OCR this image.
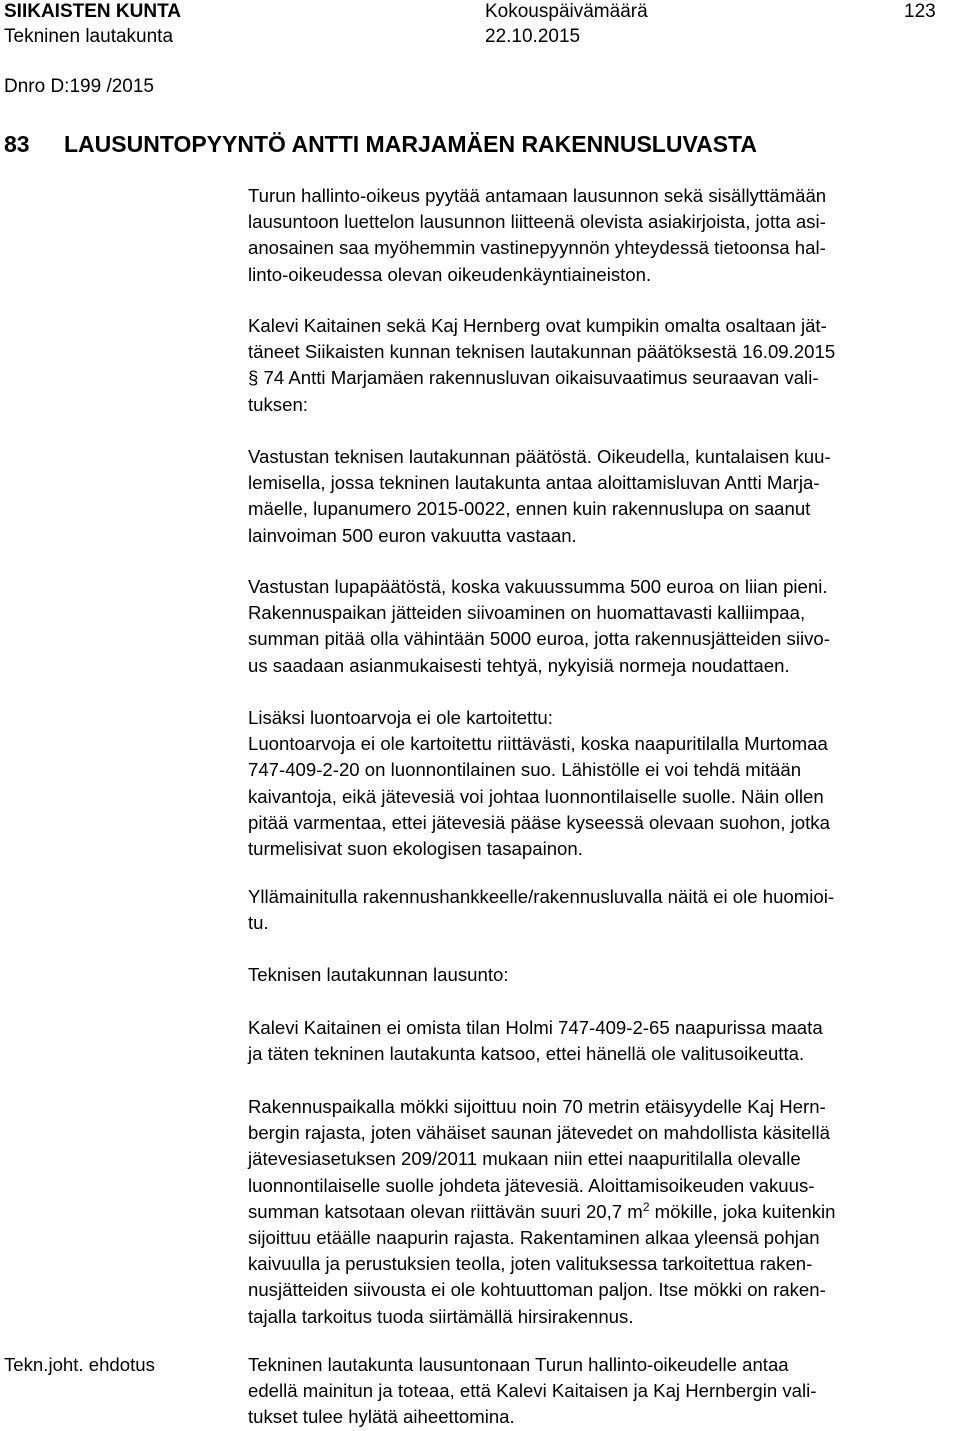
SIIKAISTEN KUNTA	Kokouspäivämäärä	123
Tekninen lautakunta	22.10.2015
Dnro D:199 /2015
83 LAUSUNTOPYYNTÖ ANTTI MARJAMÄEN RAKENNUSLUVASTA
Turun hallinto-oikeus pyytää antamaan lausunnon sekä sisällyttämään
lausuntoon luettelon lausunnon liitteenä olevista asiakirjoista, jotta asi-
anosainen saa myöhemmin vastinepyynnön yhteydessä tietoonsa hal-
linto-oikeudessa olevan oikeudenkäyntiaineiston.
Kalevi Kaitainen sekä Kaj Hernberg ovat kumpikin omalta osaltaan jät-
täneet Siikaisten kunnan teknisen lautakunnan päätöksestä 16.09.2015
§ 74 Antti Marjamäen rakennusluvan oikaisuvaatimus seuraavan vali-
tuksen:
Vastustan teknisen lautakunnan päätöstä. Oikeudella, kuntalaisen kuu-
lemisella, jossa tekninen lautakunta antaa aloittamisluvan Antti Marja-
mäelle, lupanumero 2015-0022, ennen kuin rakennuslupa on saanut
lainvoiman 500 euron vakuutta vastaan.
Vastustan lupapäätöstä, koska vakuussumma 500 euroa on liian pieni.
Rakennuspaikan jätteiden siivoaminen on huomattavasti kalliimpaa,
summan pitää olla vähintään 5000 euroa, jotta rakennusjätteiden siivo-
us saadaan asianmukaisesti tehtyä, nykyisiä normeja noudattaen.
Lisäksi luontoarvoja ei ole kartoitettu:
Luontoarvoja ei ole kartoitettu riittävästi, koska naapuritilalla Murtomaa
747-409-2-20 on luonnontilainen suo. Lähistölle ei voi tehdä mitään
kaivantoja, eikä jätevesiä voi johtaa luonnontilaiselle suolle. Näin ollen
pitää varmentaa, ettei jätevesiä pääse kyseessä olevaan suohon, jotka
turmelisivat suon ekologisen tasapainon.
Yllämainitulla rakennushankkeelle/rakennusluvalla näitä ei ole huomioi-
tu.
Teknisen lautakunnan lausunto:
Kalevi Kaitainen ei omista tilan Holmi 747-409-2-65 naapurissa maata
ja täten tekninen lautakunta katsoo, ettei hänellä ole valitusoikeutta.
Rakennuspaikalla mökki sijoittuu noin 70 metrin etäisyydelle Kaj Hern-
bergin rajasta, joten vähäiset saunan jätevedet on mahdollista käsitellä
jätevesiasetuksen 209/2011 mukaan niin ettei naapuritilalla olevalle
luonnontilaiselle suolle johdeta jätevesiä. Aloittamisoikeuden vakuus-
summan katsotaan olevan riittävän suuri 20,7 $m^2$ mökille, joka kuitenkin
sijoittuu etäälle naapurin rajasta. Rakentaminen alkaa yleensä pohjan
kaivuulla ja perustuksien teolla, joten valituksessa tarkoitettua raken-
nusjätteiden siivousta ei ole kohtuuttoman paljon. Itse mökki on raken-
tajalla tarkoitus tuoda siirtämällä hirsirakennus.
Tekn.joht. ehdotus	Tekninen lautakunta lausuntonaan Turun hallinto-oikeudelle antaa
edellä mainitun ja toteaa, että Kalevi Kaitaisen ja Kaj Hernbergin vali-
tukset tulee hylätä aiheettomina.
